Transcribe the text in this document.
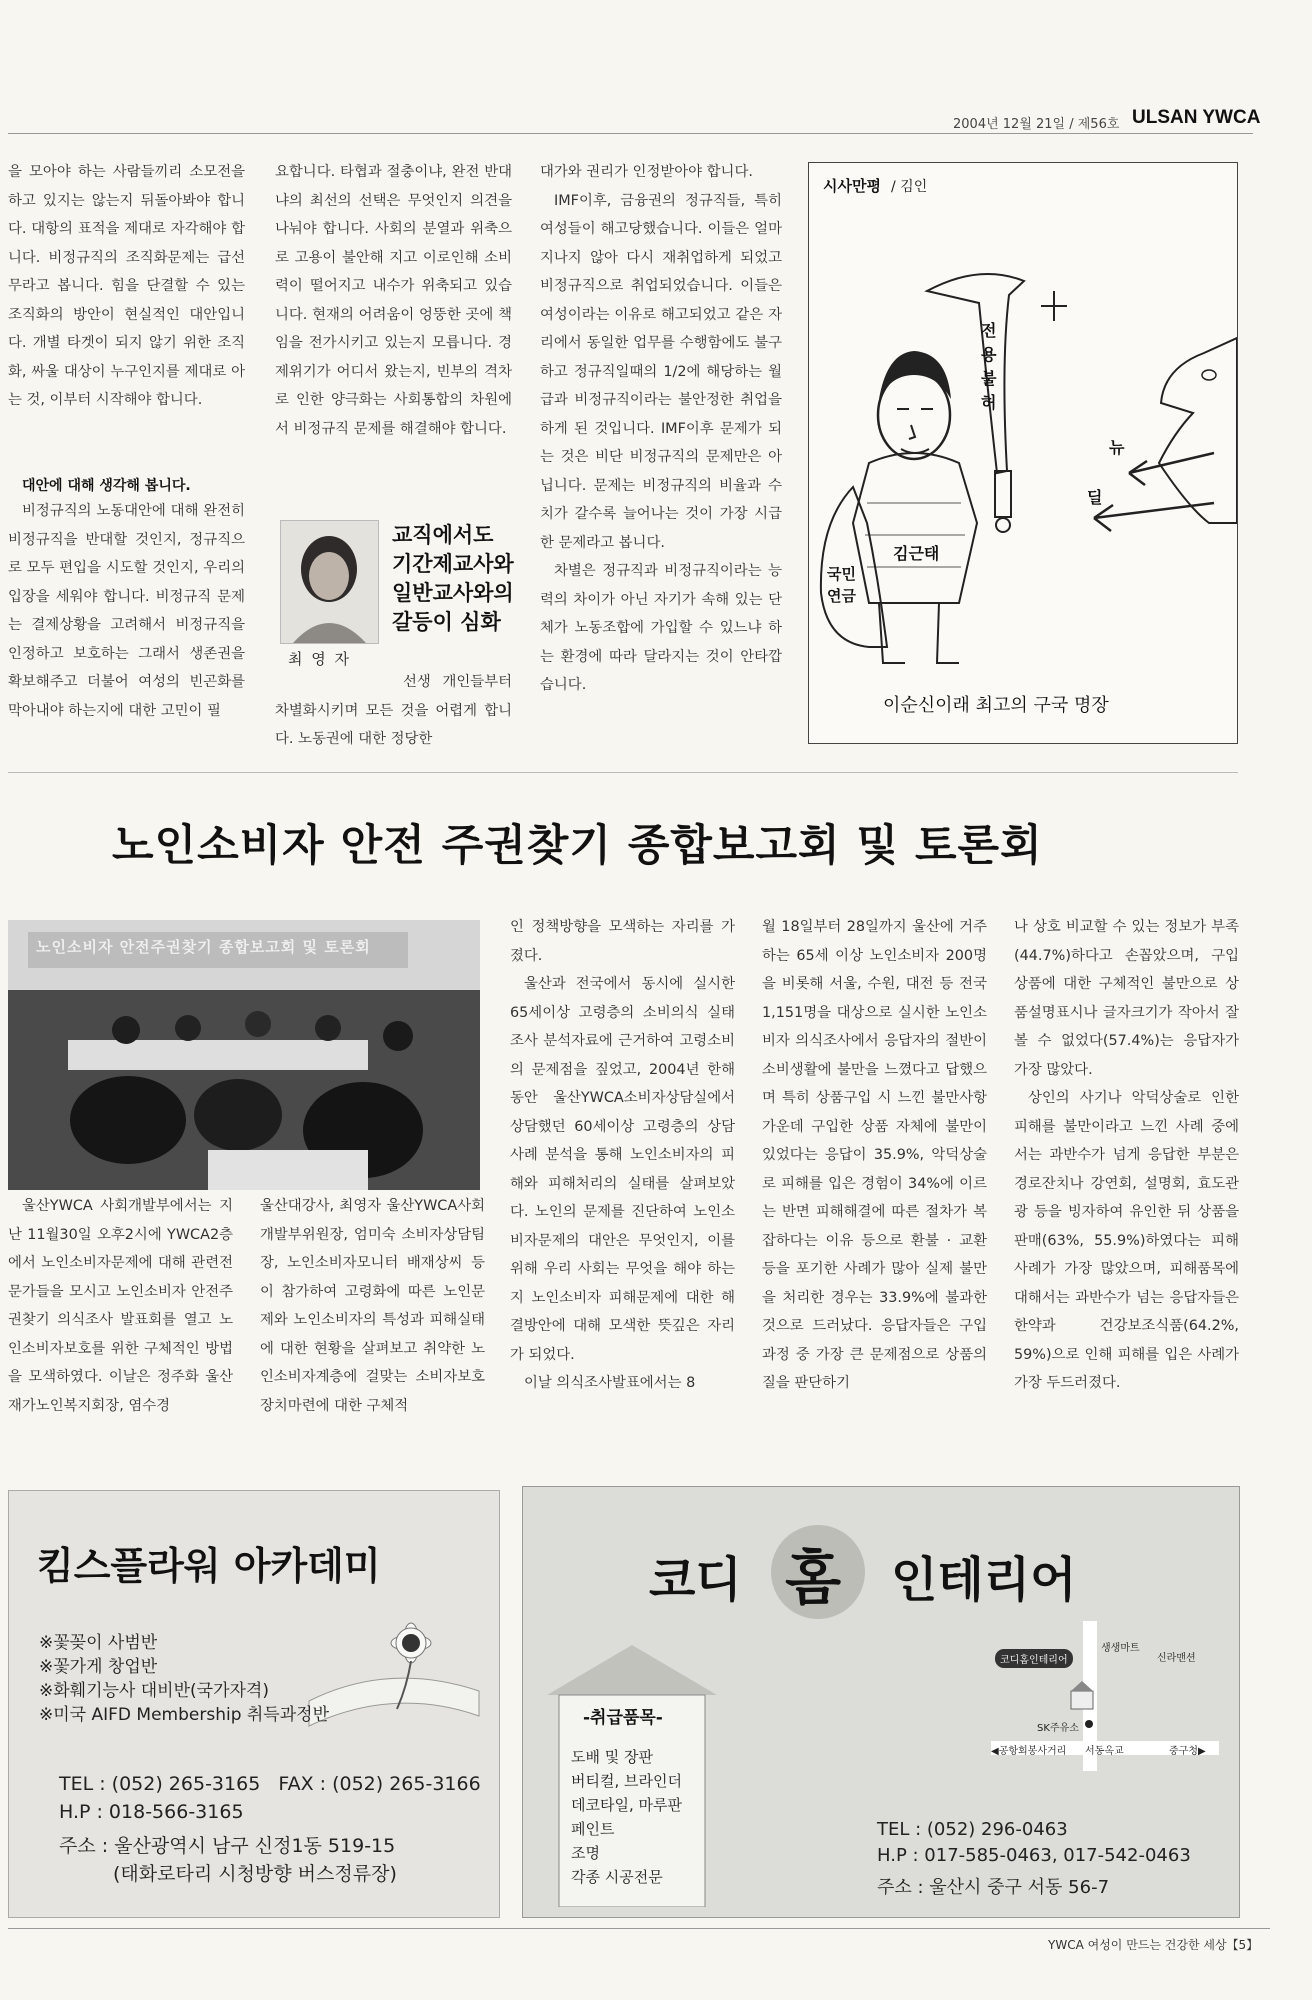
2004년 12월 21일 / 제56호 ULSAN YWCA

을 모아야 하는 사람들끼리 소모전을 하고 있지는 않는지 뒤돌아봐야 합니다. 대항의 표적을 제대로 자각해야 합니다. 비정규직의 조직화문제는 급선무라고 봅니다. 힘을 단결할 수 있는 조직화의 방안이 현실적인 대안입니다. 개별 타겟이 되지 않기 위한 조직화, 싸울 대상이 누구인지를 제대로 아는 것, 이부터 시작해야 합니다.

대안에 대해 생각해 봅니다.

비정규직의 노동대안에 대해 완전히 비정규직을 반대할 것인지, 정규직으로 모두 편입을 시도할 것인지, 우리의 입장을 세워야 합니다. 비정규직 문제는 결제상황을 고려해서 비정규직을 인정하고 보호하는 그래서 생존권을 확보해주고 더불어 여성의 빈곤화를 막아내야 하는지에 대한 고민이 필

요합니다. 타협과 절충이냐, 완전 반대냐의 최선의 선택은 무엇인지 의견을 나눠야 합니다. 사회의 분열과 위축으로 고용이 불안해 지고 이로인해 소비력이 떨어지고 내수가 위축되고 있습니다. 현재의 어려움이 엉뚱한 곳에 책임을 전가시키고 있는지 모릅니다. 경제위기가 어디서 왔는지, 빈부의 격차로 인한 양극화는 사회통합의 차원에서 비정규직 문제를 해결해야 합니다.

최 영 자
교직에서도 기간제교사와 일반교사와의 갈등이 심화

선생 개인들부터 차별화시키며 모든 것을 어렵게 합니다. 노동권에 대한 정당한

대가와 권리가 인정받아야 합니다.

IMF이후, 금융권의 정규직들, 특히 여성들이 해고당했습니다. 이들은 얼마 지나지 않아 다시 재취업하게 되었고 비정규직으로 취업되었습니다. 이들은 여성이라는 이유로 해고되었고 같은 자리에서 동일한 업무를 수행함에도 불구하고 정규직일때의 1/2에 해당하는 월급과 비정규직이라는 불안정한 취업을 하게 된 것입니다. IMF이후 문제가 되는 것은 비단 비정규직의 문제만은 아닙니다. 문제는 비정규직의 비율과 수치가 갈수록 늘어나는 것이 가장 시급한 문제라고 봅니다.

차별은 정규직과 비정규직이라는 능력의 차이가 아닌 자기가 속해 있는 단체가 노동조합에 가입할 수 있느냐 하는 환경에 따라 달라지는 것이 안타깝습니다.

시사만평 / 김인
전용불허
김근태
국민연금
뉴
딜
이순신이래 최고의 구국 명장
노인소비자 안전 주권찾기 종합보고회 및 토론회
노인소비자 안전주권찾기 종합보고회 및 토론회

울산YWCA 사회개발부에서는 지난 11월30일 오후2시에 YWCA2층에서 노인소비자문제에 대해 관련전문가들을 모시고 노인소비자 안전주권찾기 의식조사 발표회를 열고 노인소비자보호를 위한 구체적인 방법을 모색하였다. 이날은 정주화 울산재가노인복지회장, 염수경

울산대강사, 최영자 울산YWCA사회개발부위원장, 엄미숙 소비자상담팀장, 노인소비자모니터 배재상씨 등이 참가하여 고령화에 따른 노인문제와 노인소비자의 특성과 피해실태에 대한 현황을 살펴보고 취약한 노인소비자계층에 걸맞는 소비자보호 장치마련에 대한 구체적

인 정책방향을 모색하는 자리를 가졌다.

울산과 전국에서 동시에 실시한 65세이상 고령층의 소비의식 실태조사 분석자료에 근거하여 고령소비의 문제점을 짚었고, 2004년 한해 동안 울산YWCA소비자상담실에서 상담했던 60세이상 고령층의 상담사례 분석을 통해 노인소비자의 피해와 피해처리의 실태를 살펴보았다. 노인의 문제를 진단하여 노인소비자문제의 대안은 무엇인지, 이를 위해 우리 사회는 무엇을 해야 하는지 노인소비자 피해문제에 대한 해결방안에 대해 모색한 뜻깊은 자리가 되었다.

이날 의식조사발표에서는 8

월 18일부터 28일까지 울산에 거주하는 65세 이상 노인소비자 200명을 비롯해 서울, 수원, 대전 등 전국 1,151명을 대상으로 실시한 노인소비자 의식조사에서 응답자의 절반이 소비생활에 불만을 느꼈다고 답했으며 특히 상품구입 시 느낀 불만사항 가운데 구입한 상품 자체에 불만이 있었다는 응답이 35.9%, 악덕상술로 피해를 입은 경험이 34%에 이르는 반면 피해해결에 따른 절차가 복잡하다는 이유 등으로 환불 · 교환 등을 포기한 사례가 많아 실제 불만을 처리한 경우는 33.9%에 불과한 것으로 드러났다. 응답자들은 구입과정 중 가장 큰 문제점으로 상품의 질을 판단하기

나 상호 비교할 수 있는 정보가 부족(44.7%)하다고 손꼽았으며, 구입 상품에 대한 구체적인 불만으로 상품설명표시나 글자크기가 작아서 잘 볼 수 없었다(57.4%)는 응답자가 가장 많았다.

상인의 사기나 악덕상술로 인한 피해를 불만이라고 느낀 사례 중에서는 과반수가 넘게 응답한 부분은 경로잔치나 강연회, 설명회, 효도관광 등을 빙자하여 유인한 뒤 상품을 판매(63%, 55.9%)하였다는 피해사례가 가장 많았으며, 피해품목에 대해서는 과반수가 넘는 응답자들은 한약과 건강보조식품(64.2%, 59%)으로 인해 피해를 입은 사례가 가장 두드러졌다.

킴스플라워 아카데미
※꽃꽂이 사범반
※꽃가게 창업반
※화훼기능사 대비반(국가자격)
※미국 AIFD Membership 취득과정반
TEL : (052) 265-3165   FAX : (052) 265-3166
H.P : 018-566-3165
주소 : 울산광역시 남구 신정1동 519-15
(태화로타리 시청방향 버스정류장)
코디 홈 인테리어
-취급품목-
도배 및 장판
버티컬, 브라인더
데코타일, 마루판
페인트
조명
각종 시공전문
코디홈인테리어
생생마트
신라맨션
SK주유소
◀공항회봉사거리 서동옥교	중구청▶
TEL : (052) 296-0463
H.P : 017-585-0463, 017-542-0463
주소 : 울산시 중구 서동 56-7
YWCA 여성이 만드는 건강한 세상【5】
